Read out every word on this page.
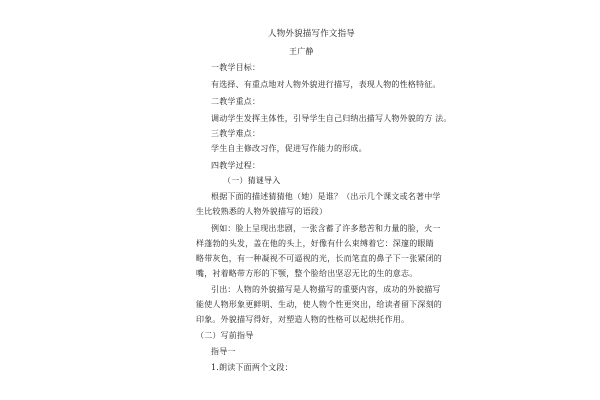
人物外貌描写作文指导
王广静
一教学目标：
有选择、有重点地对人物外貌进行描写，表现人物的性格特征。
二教学重点：
调动学生发挥主体性，引导学生自己归纳出描写人物外貌的方 法。
三教学难点：
学生自主修改习作，促进写作能力的形成。
四教学过程：
（一）猜谜导入
根据下面的描述猜猜他（她）是谁？（出示几个课文或名著中学
生比较熟悉的人物外貌描写的语段）
例如：脸上呈现出悲剧，一张含蓄了许多愁苦和力量的脸，火一
样蓬勃的头发，盖在他的头上，好像有什么束缚着它：深邃的眼睛
略带灰色，有一种凝视不可逼视的光，长而笔直的鼻子下一张紧闭的
嘴，衬着略带方形的下颚，整个脸给出坚忍无比的生的意志。
引出：人物的外貌描写是人物描写的重要内容，成功的外貌描写
能使人物形象更鲜明、生动，使人物个性更突出，给读者留下深刻的
印象。外貌描写得好，对塑造人物的性格可以起烘托作用。
（二）写前指导
指导一
1.朗读下面两个文段：
